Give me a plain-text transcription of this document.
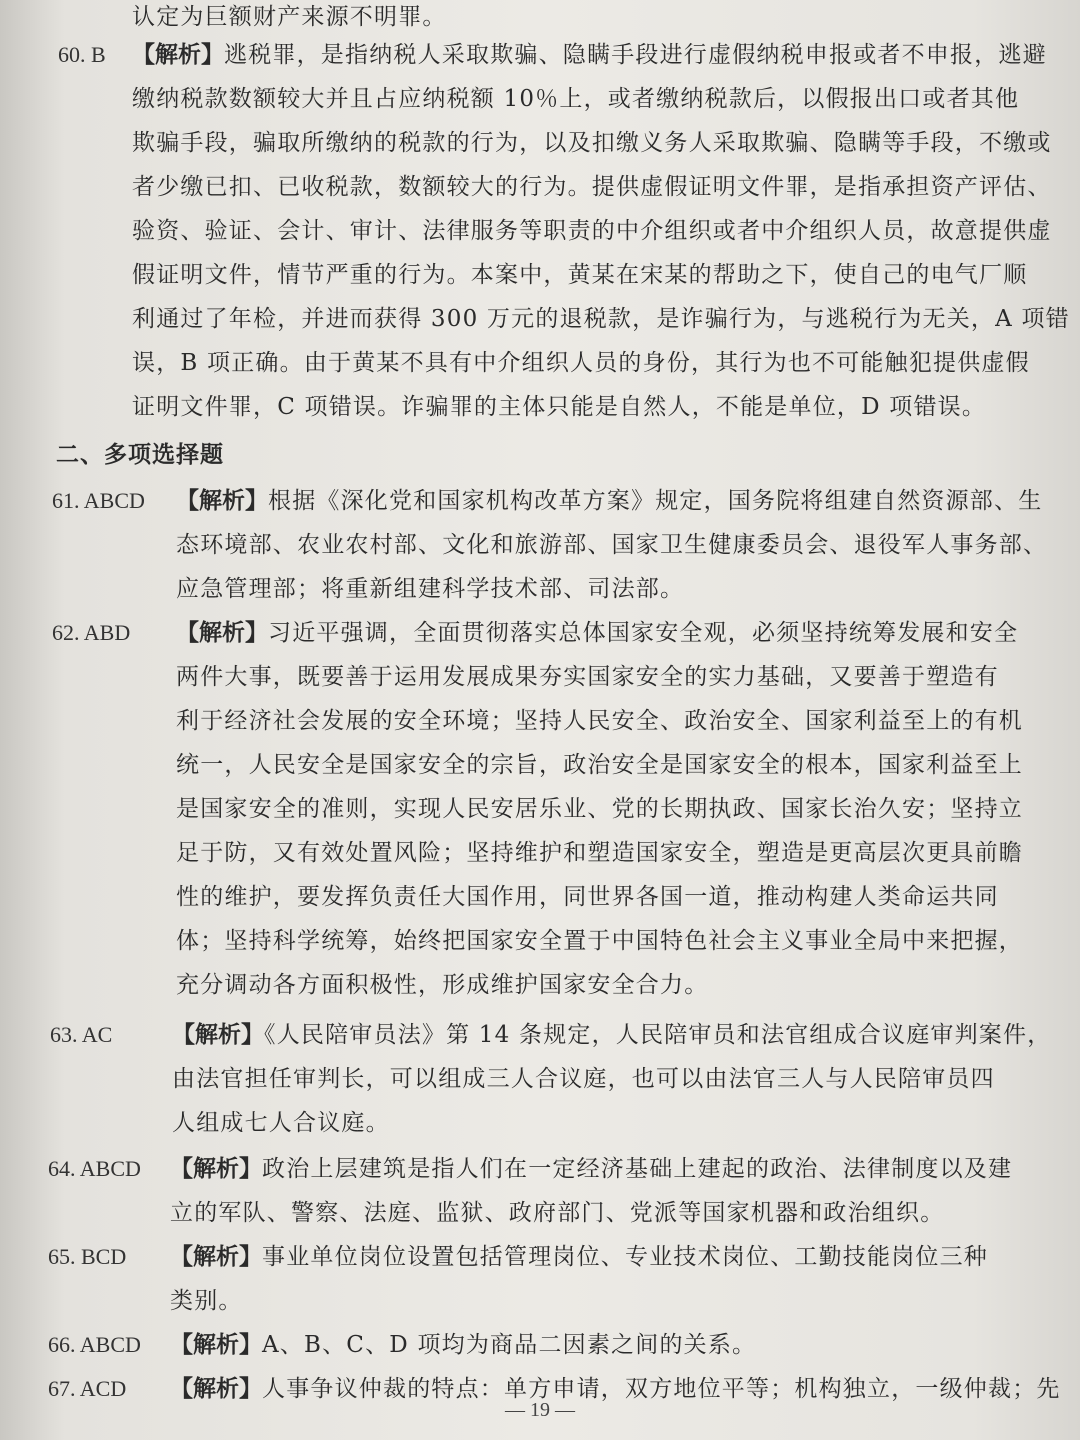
认定为巨额财产来源不明罪。
60. B 【解析】逃税罪，是指纳税人采取欺骗、隐瞒手段进行虚假纳税申报或者不申报，逃避
缴纳税款数额较大并且占应纳税额 10％上，或者缴纳税款后，以假报出口或者其他
欺骗手段，骗取所缴纳的税款的行为，以及扣缴义务人采取欺骗、隐瞒等手段，不缴或
者少缴已扣、已收税款，数额较大的行为。提供虚假证明文件罪，是指承担资产评估、
验资、验证、会计、审计、法律服务等职责的中介组织或者中介组织人员，故意提供虚
假证明文件，情节严重的行为。本案中，黄某在宋某的帮助之下，使自己的电气厂顺
利通过了年检，并进而获得 300 万元的退税款，是诈骗行为，与逃税行为无关，A 项错
误，B 项正确。由于黄某不具有中介组织人员的身份，其行为也不可能触犯提供虚假
证明文件罪，C 项错误。诈骗罪的主体只能是自然人，不能是单位，D 项错误。
二、多项选择题
61. ABCD 【解析】根据《深化党和国家机构改革方案》规定，国务院将组建自然资源部、生
态环境部、农业农村部、文化和旅游部、国家卫生健康委员会、退役军人事务部、
应急管理部；将重新组建科学技术部、司法部。
62. ABD 【解析】习近平强调，全面贯彻落实总体国家安全观，必须坚持统筹发展和安全
两件大事，既要善于运用发展成果夯实国家安全的实力基础，又要善于塑造有
利于经济社会发展的安全环境；坚持人民安全、政治安全、国家利益至上的有机
统一，人民安全是国家安全的宗旨，政治安全是国家安全的根本，国家利益至上
是国家安全的准则，实现人民安居乐业、党的长期执政、国家长治久安；坚持立
足于防，又有效处置风险；坚持维护和塑造国家安全，塑造是更高层次更具前瞻
性的维护，要发挥负责任大国作用，同世界各国一道，推动构建人类命运共同
体；坚持科学统筹，始终把国家安全置于中国特色社会主义事业全局中来把握，
充分调动各方面积极性，形成维护国家安全合力。
63. AC	【解析】《人民陪审员法》第 14 条规定，人民陪审员和法官组成合议庭审判案件，
由法官担任审判长，可以组成三人合议庭，也可以由法官三人与人民陪审员四
人组成七人合议庭。
64. ABCD 【解析】政治上层建筑是指人们在一定经济基础上建起的政治、法律制度以及建
立的军队、警察、法庭、监狱、政府部门、党派等国家机器和政治组织。
65. BCD 【解析】事业单位岗位设置包括管理岗位、专业技术岗位、工勤技能岗位三种
类别。
66. ABCD 【解析】A、B、C、D 项均为商品二因素之间的关系。
67. ACD 【解析】人事争议仲裁的特点：单方申请，双方地位平等；机构独立，一级仲裁；先
— 19 —
